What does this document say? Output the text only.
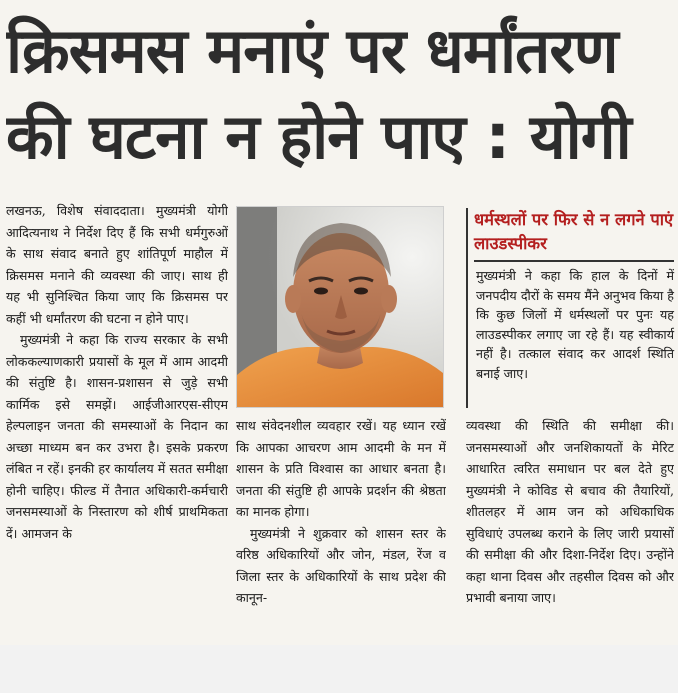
क्रिसमस मनाएं पर धर्मांतरण
की घटना न होने पाए : योगी

लखनऊ, विशेष संवाददाता। मुख्यमंत्री योगी आदित्यनाथ ने निर्देश दिए हैं कि सभी धर्मगुरुओं के साथ संवाद बनाते हुए शांतिपूर्ण माहौल में क्रिसमस मनाने की व्यवस्था की जाए। साथ ही यह भी सुनिश्चित किया जाए कि क्रिसमस पर कहीं भी धर्मांतरण की घटना न होने पाए।

मुख्यमंत्री ने कहा कि राज्य सरकार के सभी लोककल्याणकारी प्रयासों के मूल में आम आदमी की संतुष्टि है। शासन-प्रशासन से जुड़े सभी कार्मिक इसे समझें। आईजीआरएस-सीएम हेल्पलाइन जनता की समस्याओं के निदान का अच्छा माध्यम बन कर उभरा है। इसके प्रकरण लंबित न रहें। इनकी हर कार्यालय में सतत समीक्षा होनी चाहिए। फील्ड में तैनात अधिकारी-कर्मचारी जनसमस्याओं के निस्तारण को शीर्ष प्राथमिकता दें। आमजन के

धर्मस्थलों पर फिर से न लगने पाएं लाउडस्पीकर
मुख्यमंत्री ने कहा कि हाल के दिनों में जनपदीय दौरों के समय मैंने अनुभव किया है कि कुछ जिलों में धर्मस्थलों पर पुनः यह लाउडस्पीकर लगाए जा रहे हैं। यह स्वीकार्य नहीं है। तत्काल संवाद कर आदर्श स्थिति बनाई जाए।

साथ संवेदनशील व्यवहार रखें। यह ध्यान रखें कि आपका आचरण आम आदमी के मन में शासन के प्रति विश्वास का आधार बनता है। जनता की संतुष्टि ही आपके प्रदर्शन की श्रेष्ठता का मानक होगा।

मुख्यमंत्री ने शुक्रवार को शासन स्तर के वरिष्ठ अधिकारियों और जोन, मंडल, रेंज व जिला स्तर के अधिकारियों के साथ प्रदेश की कानून-

व्यवस्था की स्थिति की समीक्षा की। जनसमस्याओं और जनशिकायतों के मेरिट आधारित त्वरित समाधान पर बल देते हुए मुख्यमंत्री ने कोविड से बचाव की तैयारियों, शीतलहर में आम जन को अधिकाधिक सुविधाएं उपलब्ध कराने के लिए जारी प्रयासों की समीक्षा की और दिशा-निर्देश दिए। उन्होंने कहा थाना दिवस और तहसील दिवस को और प्रभावी बनाया जाए।
